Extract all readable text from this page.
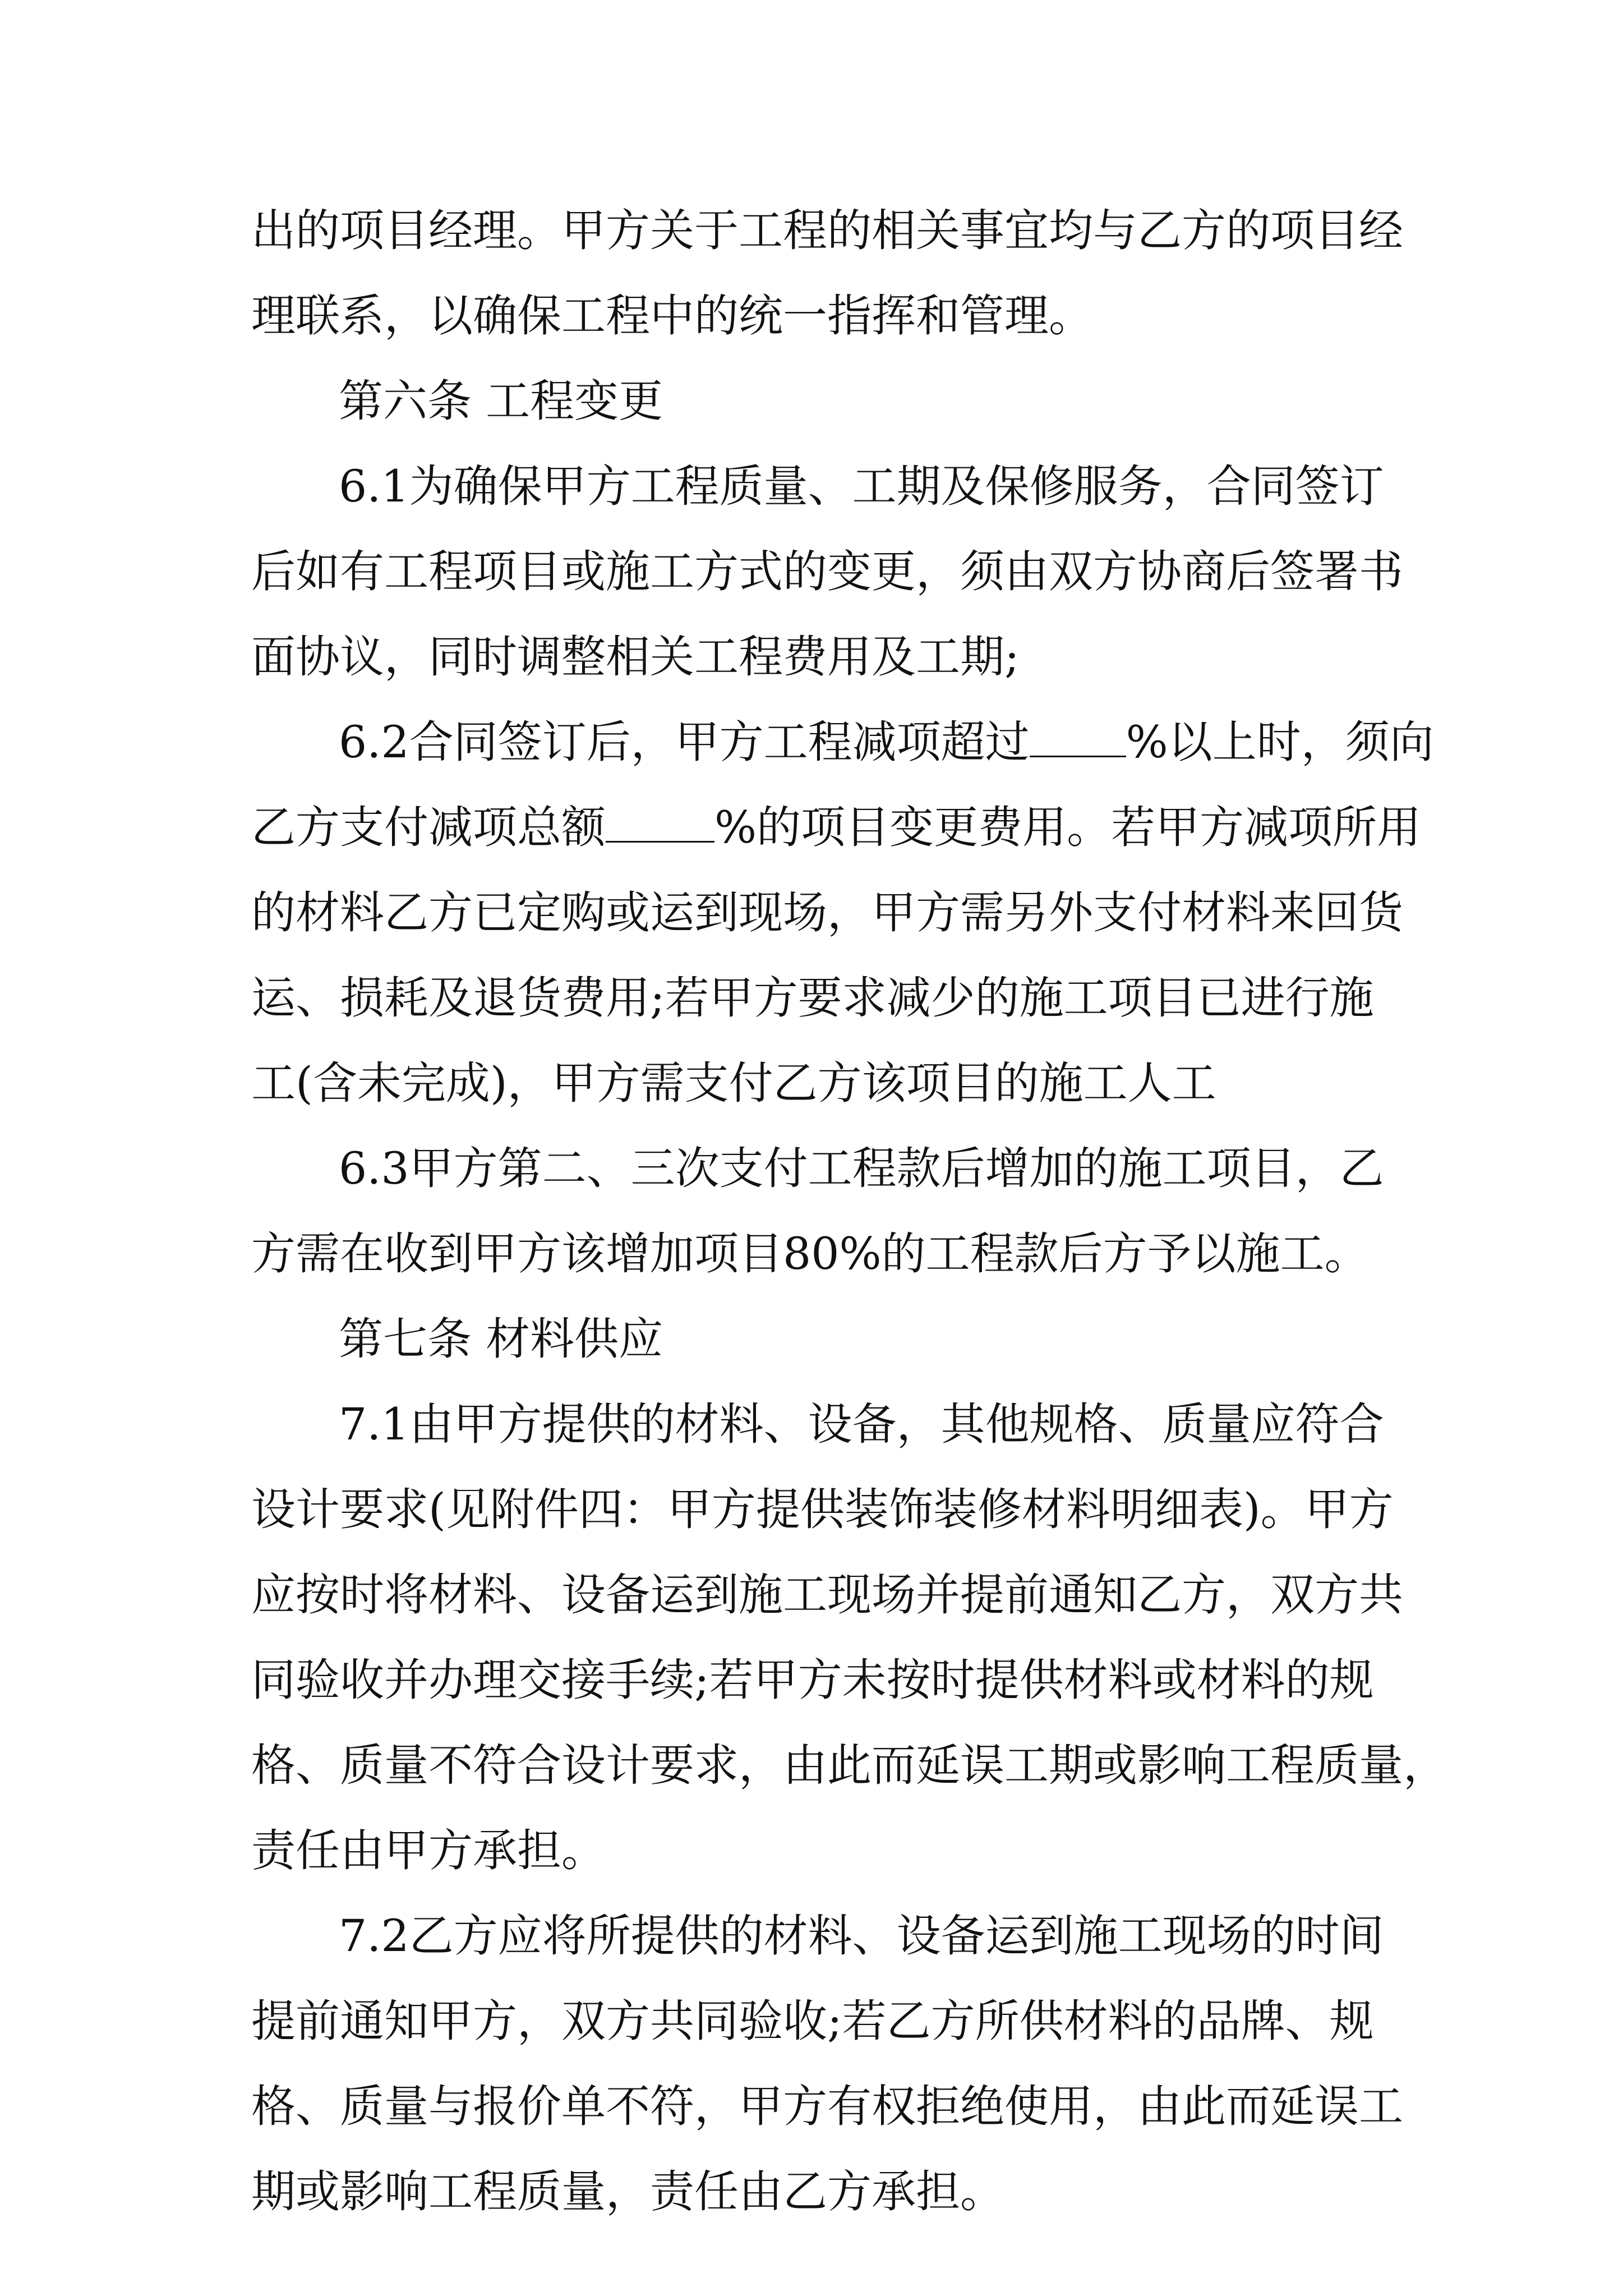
出的项目经理。甲方关于工程的相关事宜均与乙方的项目经
理联系，以确保工程中的统一指挥和管理。
第六条 工程变更
6.1为确保甲方工程质量、工期及保修服务，合同签订
后如有工程项目或施工方式的变更，须由双方协商后签署书
面协议，同时调整相关工程费用及工期;
6.2合同签订后，甲方工程减项超过 %以上时，须向
乙方支付减项总额 %的项目变更费用。若甲方减项所用
的材料乙方已定购或运到现场，甲方需另外支付材料来回货
运、损耗及退货费用;若甲方要求减少的施工项目已进行施
工(含未完成)，甲方需支付乙方该项目的施工人工
6.3甲方第二、三次支付工程款后增加的施工项目，乙
方需在收到甲方该增加项目80%的工程款后方予以施工。
第七条 材料供应
7.1由甲方提供的材料、设备，其他规格、质量应符合
设计要求(见附件四：甲方提供装饰装修材料明细表)。甲方
应按时将材料、设备运到施工现场并提前通知乙方，双方共
同验收并办理交接手续;若甲方未按时提供材料或材料的规
格、质量不符合设计要求，由此而延误工期或影响工程质量，
责任由甲方承担。
7.2乙方应将所提供的材料、设备运到施工现场的时间
提前通知甲方，双方共同验收;若乙方所供材料的品牌、规
格、质量与报价单不符，甲方有权拒绝使用，由此而延误工
期或影响工程质量，责任由乙方承担。
